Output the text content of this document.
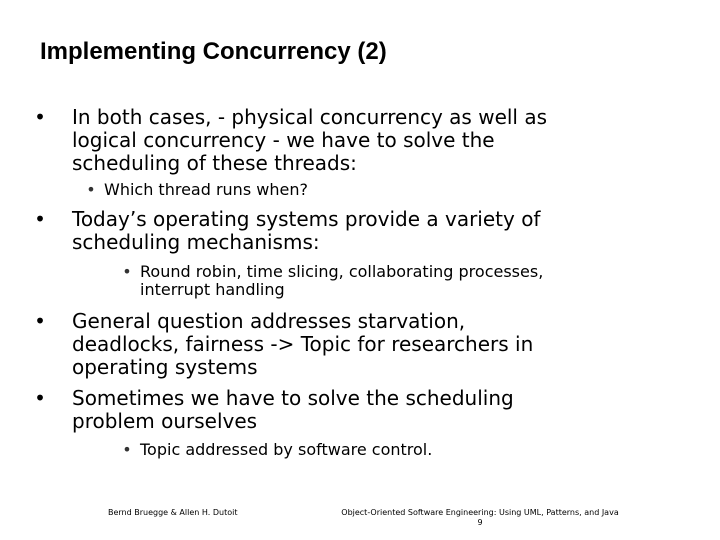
Implementing Concurrency (2)
• In both cases, - physical concurrency as well as
logical concurrency - we have to solve the
scheduling of these threads:
• Which thread runs when?
• Today’s operating systems provide a variety of
scheduling mechanisms:
• Round robin, time slicing, collaborating processes,
interrupt handling
• General question addresses starvation,
deadlocks, fairness -> Topic for researchers in
operating systems
• Sometimes we have to solve the scheduling
problem ourselves
• Topic addressed by software control.
Bernd Bruegge & Allen H. Dutoit	Object-Oriented Software Engineering: Using UML, Patterns, and Java
9
